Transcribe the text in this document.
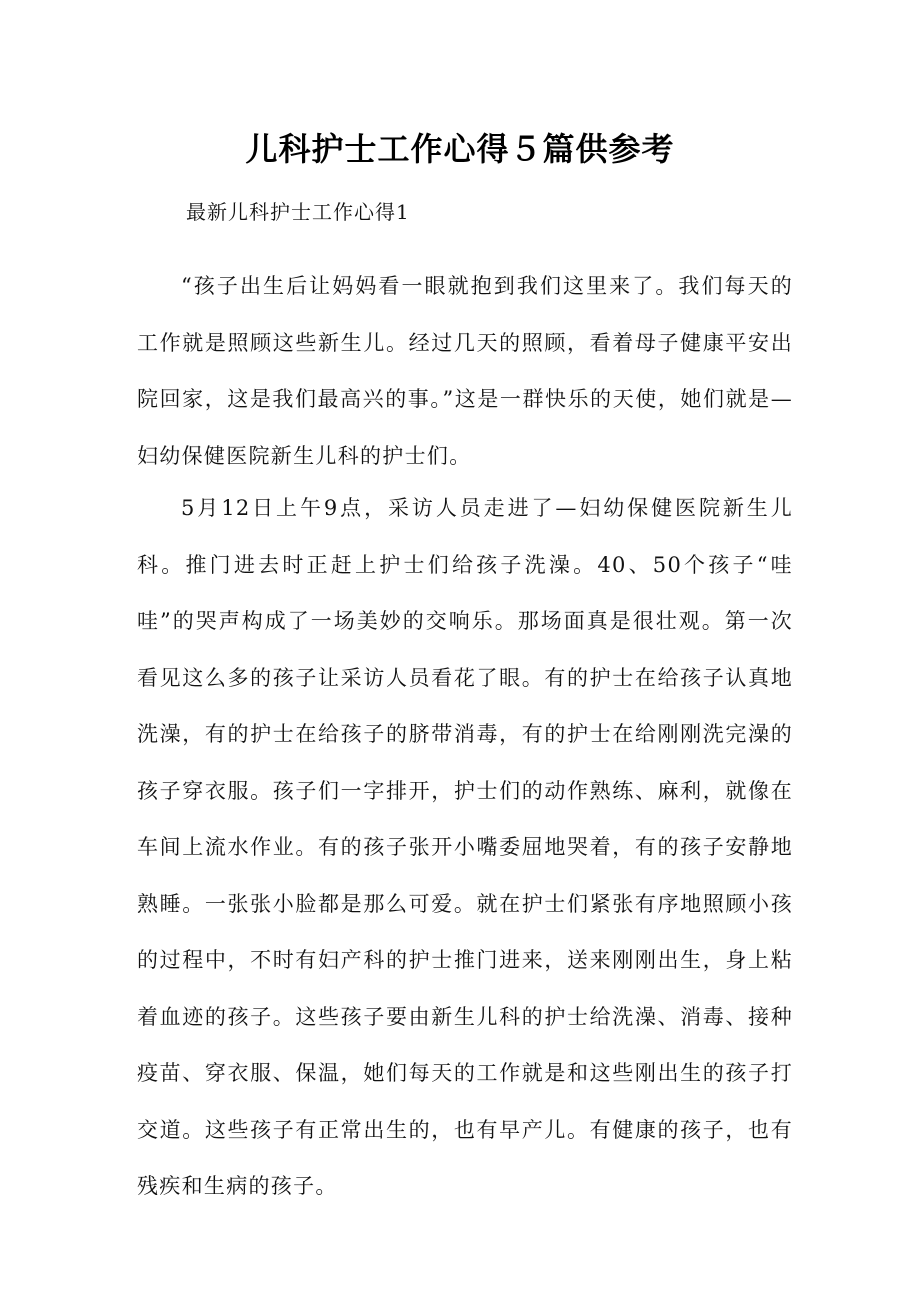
儿科护士工作心得５篇供参考

最新儿科护士工作心得1

“孩子出生后让妈妈看一眼就抱到我们这里来了。我们每天的工作就是照顾这些新生儿。经过几天的照顾，看着母子健康平安出院回家，这是我们最高兴的事。”这是一群快乐的天使，她们就是—妇幼保健医院新生儿科的护士们。

5月12日上午9点，采访人员走进了—妇幼保健医院新生儿科。推门进去时正赶上护士们给孩子洗澡。40、50个孩子“哇哇”的哭声构成了一场美妙的交响乐。那场面真是很壮观。第一次看见这么多的孩子让采访人员看花了眼。有的护士在给孩子认真地洗澡，有的护士在给孩子的脐带消毒，有的护士在给刚刚洗完澡的孩子穿衣服。孩子们一字排开，护士们的动作熟练、麻利，就像在车间上流水作业。有的孩子张开小嘴委屈地哭着，有的孩子安静地熟睡。一张张小脸都是那么可爱。就在护士们紧张有序地照顾小孩的过程中，不时有妇产科的护士推门进来，送来刚刚出生，身上粘着血迹的孩子。这些孩子要由新生儿科的护士给洗澡、消毒、接种疫苗、穿衣服、保温，她们每天的工作就是和这些刚出生的孩子打交道。这些孩子有正常出生的，也有早产儿。有健康的孩子，也有残疾和生病的孩子。
